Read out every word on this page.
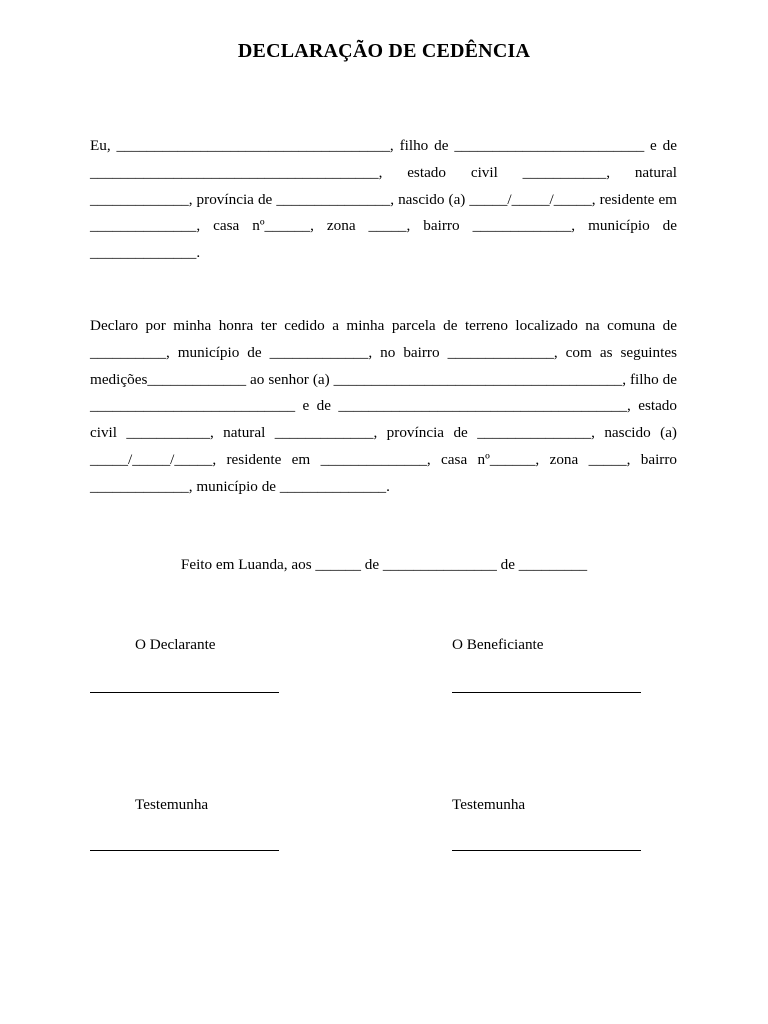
DECLARAÇÃO DE CEDÊNCIA

Eu, ____________________________________, filho de _________________________ e de ______________________________________, estado civil ___________, natural _____________, província de _______________, nascido (a) _____/_____/_____, residente em ______________, casa nº______, zona _____, bairro _____________, município de ______________.

Declaro por minha honra ter cedido a minha parcela de terreno localizado na comuna de __________, município de _____________, no bairro ______________, com as seguintes medições_____________ ao senhor (a) ______________________________________, filho de ___________________________ e de ______________________________________, estado civil ___________, natural _____________, província de _______________, nascido (a) _____/_____/_____, residente em ______________, casa nº______, zona _____, bairro _____________, município de ______________.

Feito em Luanda, aos ______ de _______________ de _________
O Declarante	O Beneficiante
Testemunha	Testemunha
